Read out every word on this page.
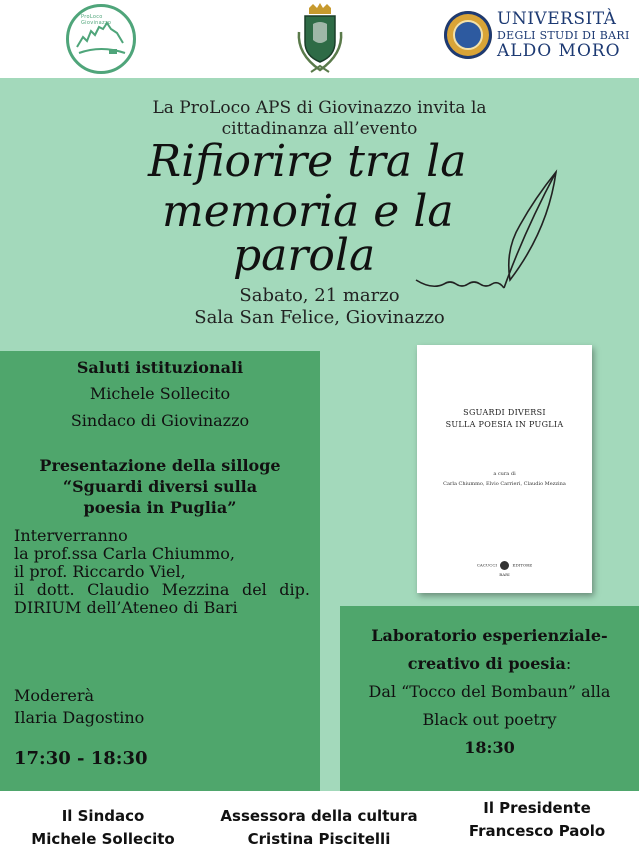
ProLoco Giovinazzo	UNIVERSITÀ
DEGLI STUDI DI BARI
ALDO MORO
La ProLoco APS di Giovinazzo invita la
cittadinanza all’evento
Rifiorire tra la
memoria e la
parola
Sabato, 21 marzo
Sala San Felice, Giovinazzo
Saluti istituzionali
Michele Sollecito
Sindaco di Giovinazzo
Presentazione della silloge
“Sguardi diversi sulla
poesia in Puglia”
Interverranno
la prof.ssa Carla Chiummo,
il prof. Riccardo Viel,
il dott. Claudio Mezzina del dip. DIRIUM dell’Ateneo di Bari
Modererà
Ilaria Dagostino
17:30 - 18:30
SGUARDI DIVERSI
SULLA POESIA IN PUGLIA
a cura di
Carla Chiummo, Elvio Carrieri, Claudio Mezzina
CACUCCI	EDITORE
BARI
Laboratorio esperienziale-
creativo di poesia:
Dal “Tocco del Bombaun” alla
Black out poetry
18:30
Il Sindaco
Michele Sollecito
Assessora della cultura
Cristina Piscitelli
Il Presidente
Francesco Paolo
